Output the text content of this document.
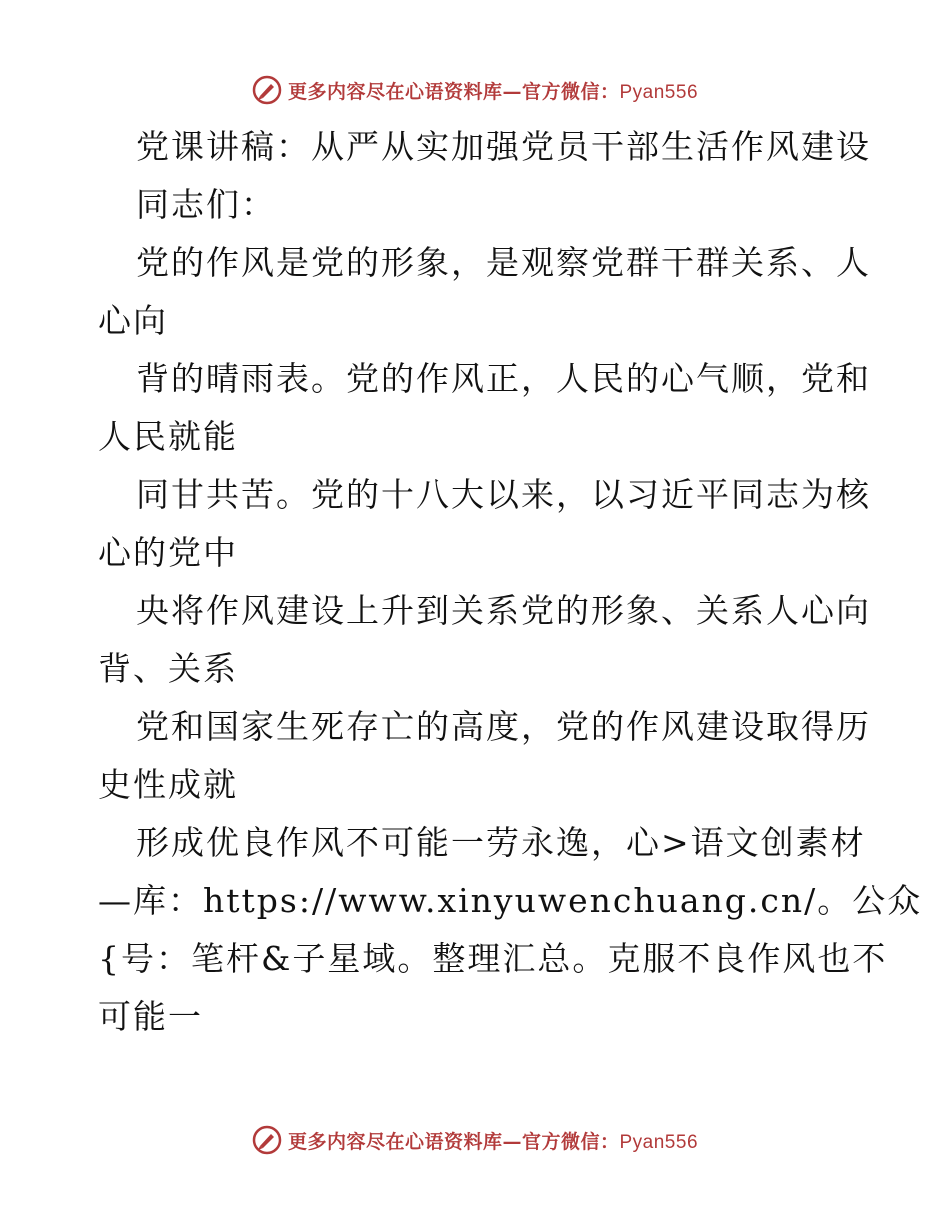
更多内容尽在心语资料库—官方微信：Pyan556
党课讲稿：从严从实加强党员干部生活作风建设
同志们：
党的作风是党的形象，是观察党群干群关系、人
心向
背的晴雨表。党的作风正，人民的心气顺，党和
人民就能
同甘共苦。党的十八大以来，以习近平同志为核
心的党中
央将作风建设上升到关系党的形象、关系人心向
背、关系
党和国家生死存亡的高度，党的作风建设取得历
史性成就
形成优良作风不可能一劳永逸，心>语文创素材
—库：https://www.xinyuwenchuang.cn/。公众
{号：笔杆&子星域。整理汇总。克服不良作风也不
可能一
更多内容尽在心语资料库—官方微信：Pyan556
